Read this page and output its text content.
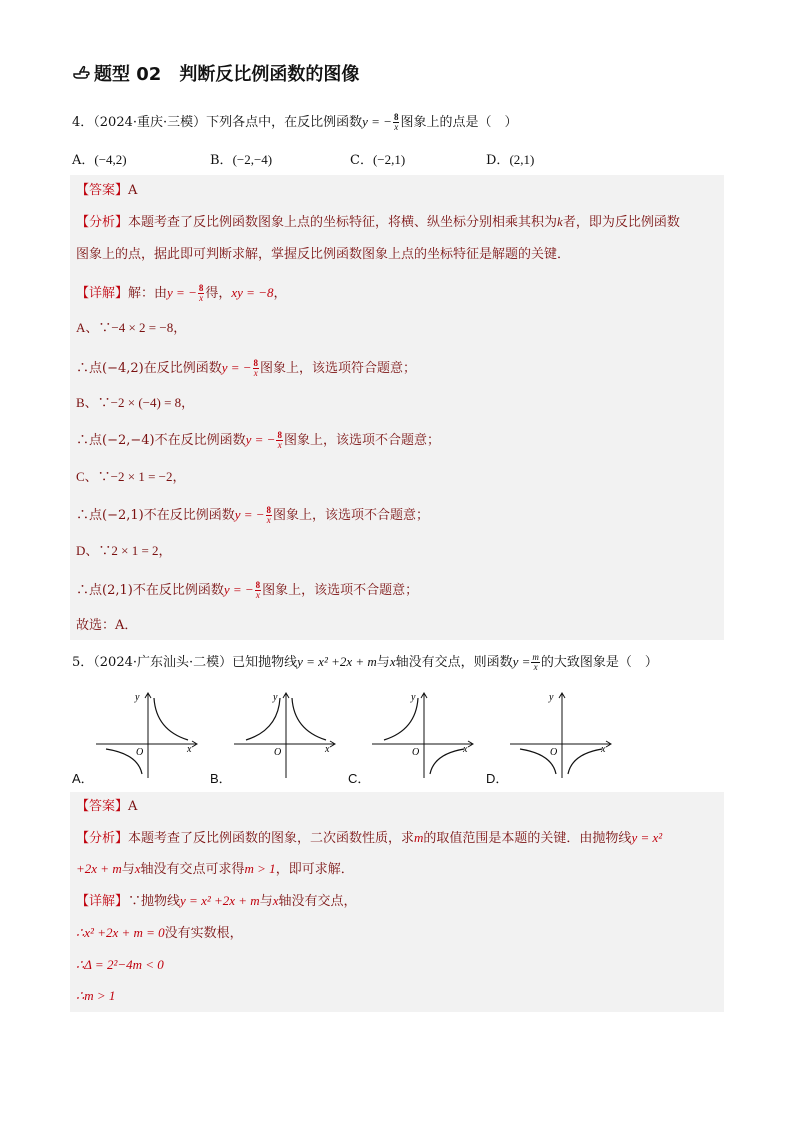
题型 02 判断反比例函数的图像
4．（2024·重庆·三模）下列各点中，在反比例函数y = − $\frac{8}{x}$ 图象上的点是（　）
A．(−4,2)	B．(−2,−4)	C．(−2,1)	D．(2,1)
【答案】A
【分析】本题考查了反比例函数图象上点的坐标特征，将横、纵坐标分别相乘其积为k者，即为反比例函数
图象上的点，据此即可判断求解，掌握反比例函数图象上点的坐标特征是解题的关键．
【详解】解：由y = − $\frac{8}{x}$ 得，xy = −8，
A、∵−4 × 2 = −8，
∴点(−4,2)在反比例函数y = − $\frac{8}{x}$ 图象上，该选项符合题意；
B、∵−2 × (−4) = 8，
∴点(−2,−4)不在反比例函数y = − $\frac{8}{x}$ 图象上，该选项不合题意；
C、∵−2 × 1 = −2，
∴点(−2,1)不在反比例函数y = − $\frac{8}{x}$ 图象上，该选项不合题意；
D、∵2 × 1 = 2，
∴点(2,1)不在反比例函数y = − $\frac{8}{x}$ 图象上，该选项不合题意；
故选：A．
5．（2024·广东汕头·二模）已知抛物线y = x² +2x + m与x轴没有交点，则函数$y = \frac{m}{x}$ 的大致图象是（　）
y
x
O
y
x
O
y
x
O
y
x
O
A．	B．	C．	D．
【答案】A
【分析】本题考查了反比例函数的图象，二次函数性质，求m的取值范围是本题的关键．由抛物线y = x²
+2x + m与x轴没有交点可求得m > 1，即可求解．
【详解】∵抛物线y = x² +2x + m与x轴没有交点，
∴x² +2x + m = 0没有实数根，
∴Δ = 2²−4m < 0
∴m > 1
